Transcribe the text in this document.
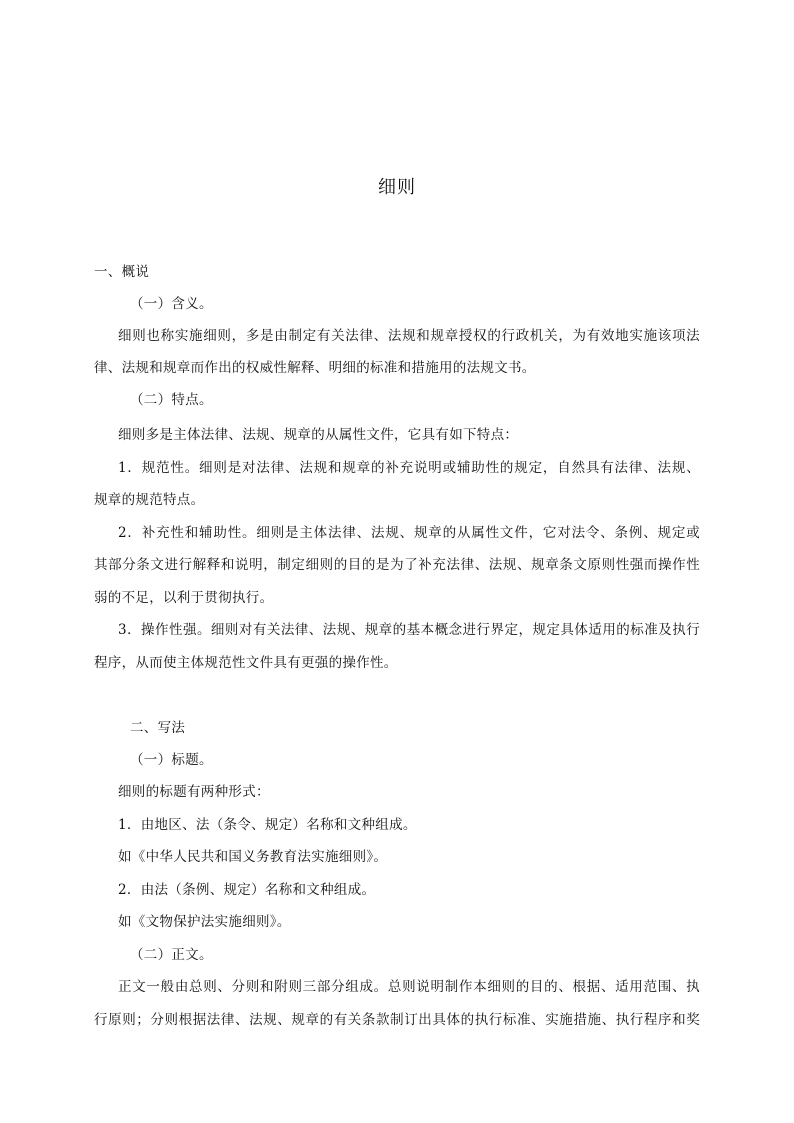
细则
一、概说
（一）含义。
细则也称实施细则，多是由制定有关法律、法规和规章授权的行政机关，为有效地实施该项法
律、法规和规章而作出的权威性解释、明细的标准和措施用的法规文书。
（二）特点。
细则多是主体法律、法规、规章的从属性文件，它具有如下特点：
1．规范性。细则是对法律、法规和规章的补充说明或辅助性的规定，自然具有法律、法规、
规章的规范特点。
2．补充性和辅助性。细则是主体法律、法规、规章的从属性文件，它对法令、条例、规定或
其部分条文进行解释和说明，制定细则的目的是为了补充法律、法规、规章条文原则性强而操作性
弱的不足，以利于贯彻执行。
3．操作性强。细则对有关法律、法规、规章的基本概念进行界定，规定具体适用的标准及执行
程序，从而使主体规范性文件具有更强的操作性。
二、写法
（一）标题。
细则的标题有两种形式：
1．由地区、法（条令、规定）名称和文种组成。
如《中华人民共和国义务教育法实施细则》。
2．由法（条例、规定）名称和文种组成。
如《文物保护法实施细则》。
（二）正文。
正文一般由总则、分则和附则三部分组成。总则说明制作本细则的目的、根据、适用范围、执
行原则；分则根据法律、法规、规章的有关条款制订出具体的执行标准、实施措施、执行程序和奖
